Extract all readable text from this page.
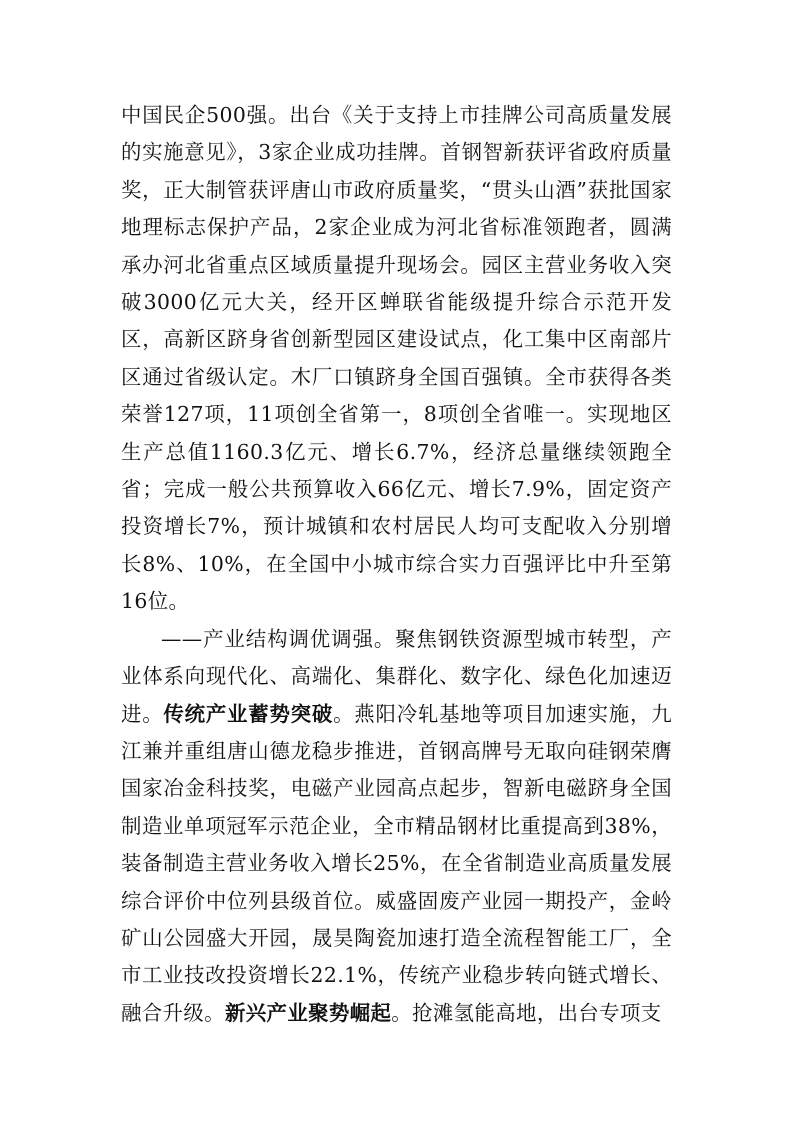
中国民企500强。出台《关于支持上市挂牌公司高质量发展的实施意见》，3家企业成功挂牌。首钢智新获评省政府质量奖，正大制管获评唐山市政府质量奖，“贯头山酒”获批国家地理标志保护产品，2家企业成为河北省标准领跑者，圆满承办河北省重点区域质量提升现场会。园区主营业务收入突破3000亿元大关，经开区蝉联省能级提升综合示范开发区，高新区跻身省创新型园区建设试点，化工集中区南部片区通过省级认定。木厂口镇跻身全国百强镇。全市获得各类荣誉127项，11项创全省第一，8项创全省唯一。实现地区生产总值1160.3亿元、增长6.7%，经济总量继续领跑全省；完成一般公共预算收入66亿元、增长7.9%，固定资产投资增长7%，预计城镇和农村居民人均可支配收入分别增长8%、10%，在全国中小城市综合实力百强评比中升至第16位。

——产业结构调优调强。聚焦钢铁资源型城市转型，产业体系向现代化、高端化、集群化、数字化、绿色化加速迈进。传统产业蓄势突破。燕阳冷轧基地等项目加速实施，九江兼并重组唐山德龙稳步推进，首钢高牌号无取向硅钢荣膺国家冶金科技奖，电磁产业园高点起步，智新电磁跻身全国制造业单项冠军示范企业，全市精品钢材比重提高到38%，装备制造主营业务收入增长25%，在全省制造业高质量发展综合评价中位列县级首位。威盛固废产业园一期投产，金岭矿山公园盛大开园，晟昊陶瓷加速打造全流程智能工厂，全市工业技改投资增长22.1%，传统产业稳步转向链式增长、融合升级。新兴产业聚势崛起。抢滩氢能高地，出台专项支
